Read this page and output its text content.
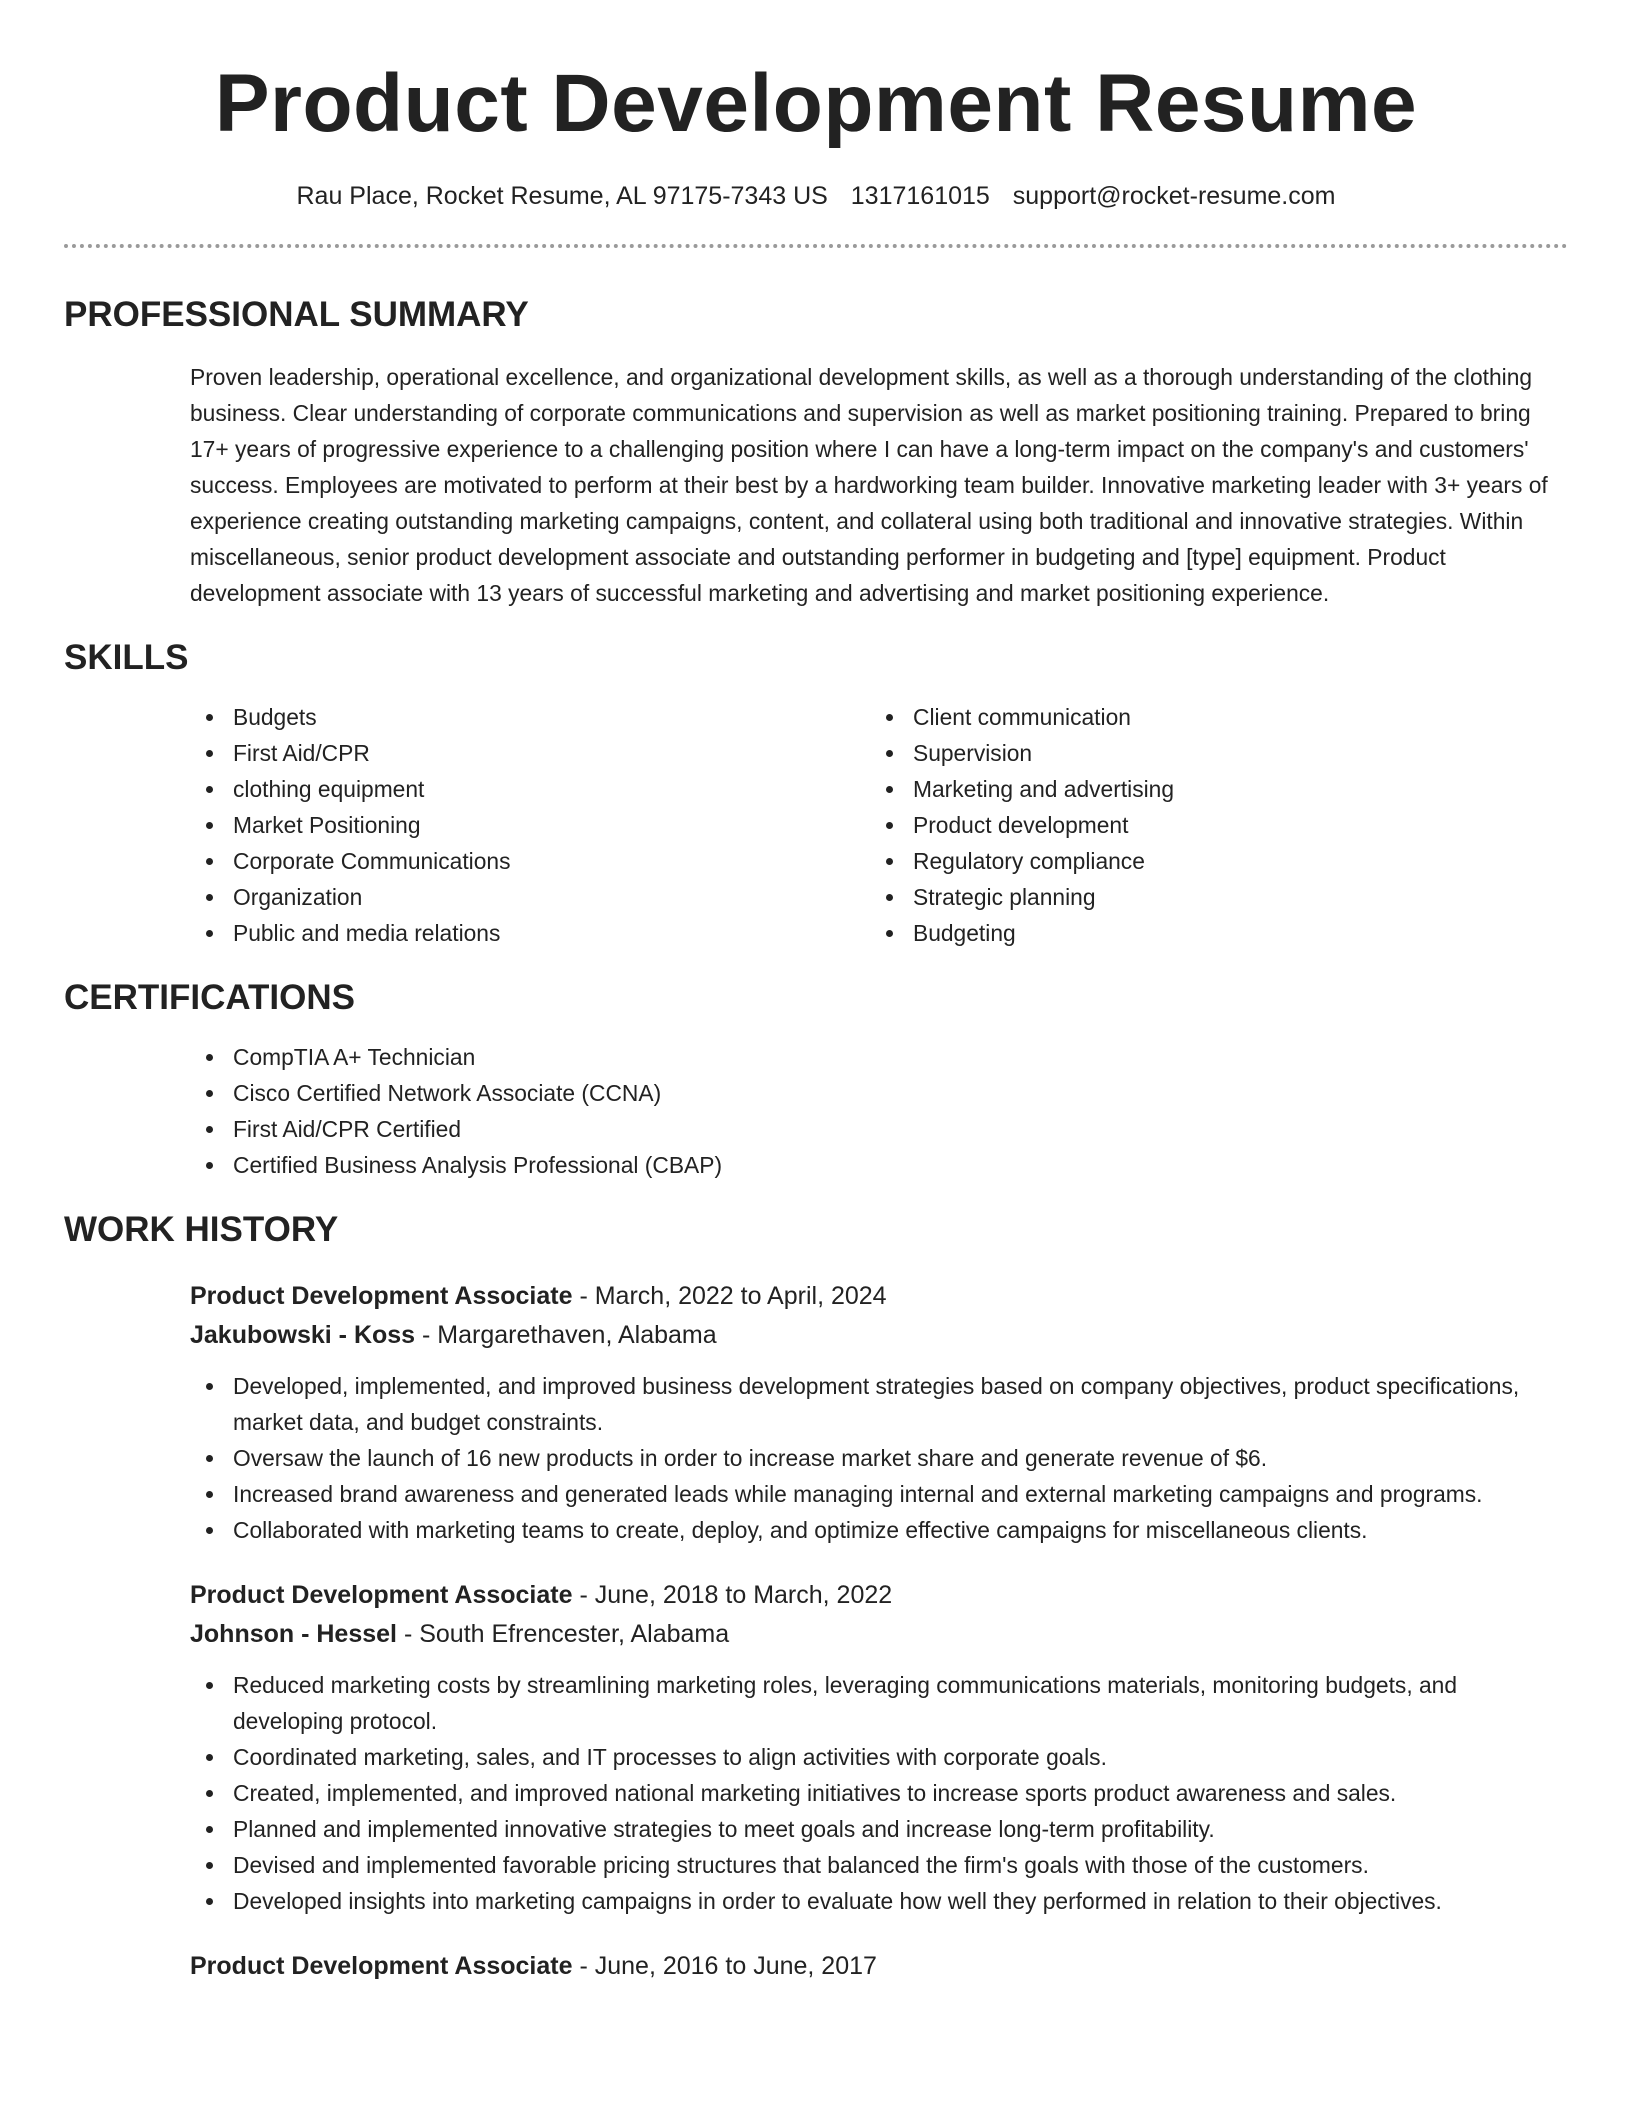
Product Development Resume
Rau Place, Rocket Resume, AL 97175-7343 US 1317161015 support@rocket-resume.com
PROFESSIONAL SUMMARY

Proven leadership, operational excellence, and organizational development skills, as well as a thorough understanding of the clothing business. Clear understanding of corporate communications and supervision as well as market positioning training. Prepared to bring 17+ years of progressive experience to a challenging position where I can have a long-term impact on the company's and customers' success. Employees are motivated to perform at their best by a hardworking team builder. Innovative marketing leader with 3+ years of experience creating outstanding marketing campaigns, content, and collateral using both traditional and innovative strategies. Within miscellaneous, senior product development associate and outstanding performer in budgeting and [type] equipment. Product development associate with 13 years of successful marketing and advertising and market positioning experience.

SKILLS
Budgets
First Aid/CPR
clothing equipment
Market Positioning
Corporate Communications
Organization
Public and media relations
Client communication
Supervision
Marketing and advertising
Product development
Regulatory compliance
Strategic planning
Budgeting
CERTIFICATIONS
CompTIA A+ Technician
Cisco Certified Network Associate (CCNA)
First Aid/CPR Certified
Certified Business Analysis Professional (CBAP)
WORK HISTORY
Product Development Associate - March, 2022 to April, 2024
Jakubowski - Koss - Margarethaven, Alabama
Developed, implemented, and improved business development strategies based on company objectives, product specifications, market data, and budget constraints.
Oversaw the launch of 16 new products in order to increase market share and generate revenue of $6.
Increased brand awareness and generated leads while managing internal and external marketing campaigns and programs.
Collaborated with marketing teams to create, deploy, and optimize effective campaigns for miscellaneous clients.
Product Development Associate - June, 2018 to March, 2022
Johnson - Hessel - South Efrencester, Alabama
Reduced marketing costs by streamlining marketing roles, leveraging communications materials, monitoring budgets, and developing protocol.
Coordinated marketing, sales, and IT processes to align activities with corporate goals.
Created, implemented, and improved national marketing initiatives to increase sports product awareness and sales.
Planned and implemented innovative strategies to meet goals and increase long-term profitability.
Devised and implemented favorable pricing structures that balanced the firm's goals with those of the customers.
Developed insights into marketing campaigns in order to evaluate how well they performed in relation to their objectives.
Product Development Associate - June, 2016 to June, 2017
